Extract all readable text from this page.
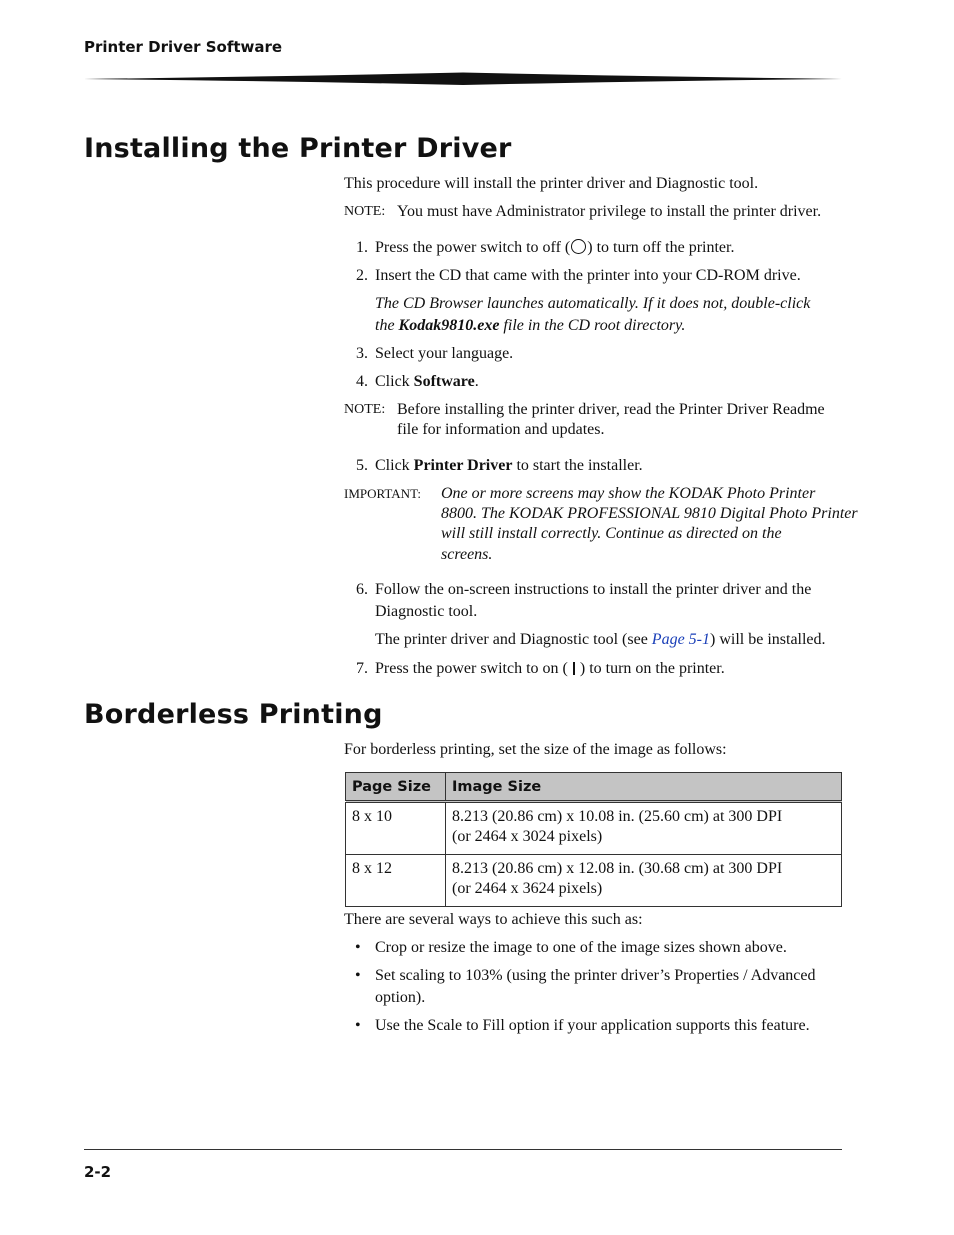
Printer Driver Software
Installing the Printer Driver
This procedure will install the printer driver and Diagnostic tool.
NOTE: You must have Administrator privilege to install the printer driver.
1. Press the power switch to off ( ) to turn off the printer.
2. Insert the CD that came with the printer into your CD-ROM drive.
The CD Browser launches automatically. If it does not, double-click
the Kodak9810.exe file in the CD root directory.
3. Select your language.
4. Click Software.
NOTE: Before installing the printer driver, read the Printer Driver Readme
file for information and updates.
5. Click Printer Driver to start the installer.
IMPORTANT: One or more screens may show the KODAK Photo Printer
8800. The KODAK PROFESSIONAL 9810 Digital Photo Printer
will still install correctly. Continue as directed on the
screens.
6. Follow the on-screen instructions to install the printer driver and the
Diagnostic tool.
The printer driver and Diagnostic tool (see Page 5-1) will be installed.
7. Press the power switch to on ( ) to turn on the printer.
Borderless Printing
For borderless printing, set the size of the image as follows:
Page Size	Image Size
8 x 10	8.213 (20.86 cm) x 10.08 in. (25.60 cm) at 300 DPI
(or 2464 x 3024 pixels)

8 x 12	8.213 (20.86 cm) x 12.08 in. (30.68 cm) at 300 DPI
(or 2464 x 3624 pixels)
There are several ways to achieve this such as:
• Crop or resize the image to one of the image sizes shown above.
• Set scaling to 103% (using the printer driver’s Properties / Advanced
option).
• Use the Scale to Fill option if your application supports this feature.
2-2
